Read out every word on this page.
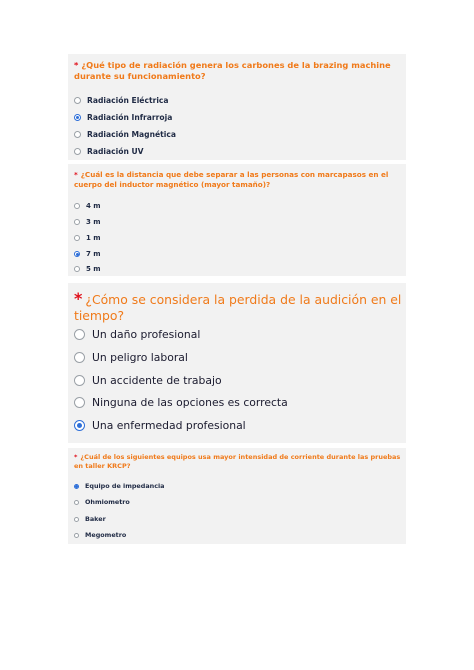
* ¿Qué tipo de radiación genera los carbones de la brazing machine durante su funcionamiento?

Radiación Eléctrica
Radiación Infrarroja
Radiación Magnética
Radiación UV

* ¿Cuál es la distancia que debe separar a las personas con marcapasos en el cuerpo del inductor magnético (mayor tamaño)?

4 m
3 m
1 m
7 m
5 m

* ¿Cómo se considera la perdida de la audición en el tiempo?

Un daño profesional
Un peligro laboral
Un accidente de trabajo
Ninguna de las opciones es correcta
Una enfermedad profesional

* ¿Cuál de los siguientes equipos usa mayor intensidad de corriente durante las pruebas en taller KRCP?

Equipo de impedancia
Ohmiometro
Baker
Megometro
